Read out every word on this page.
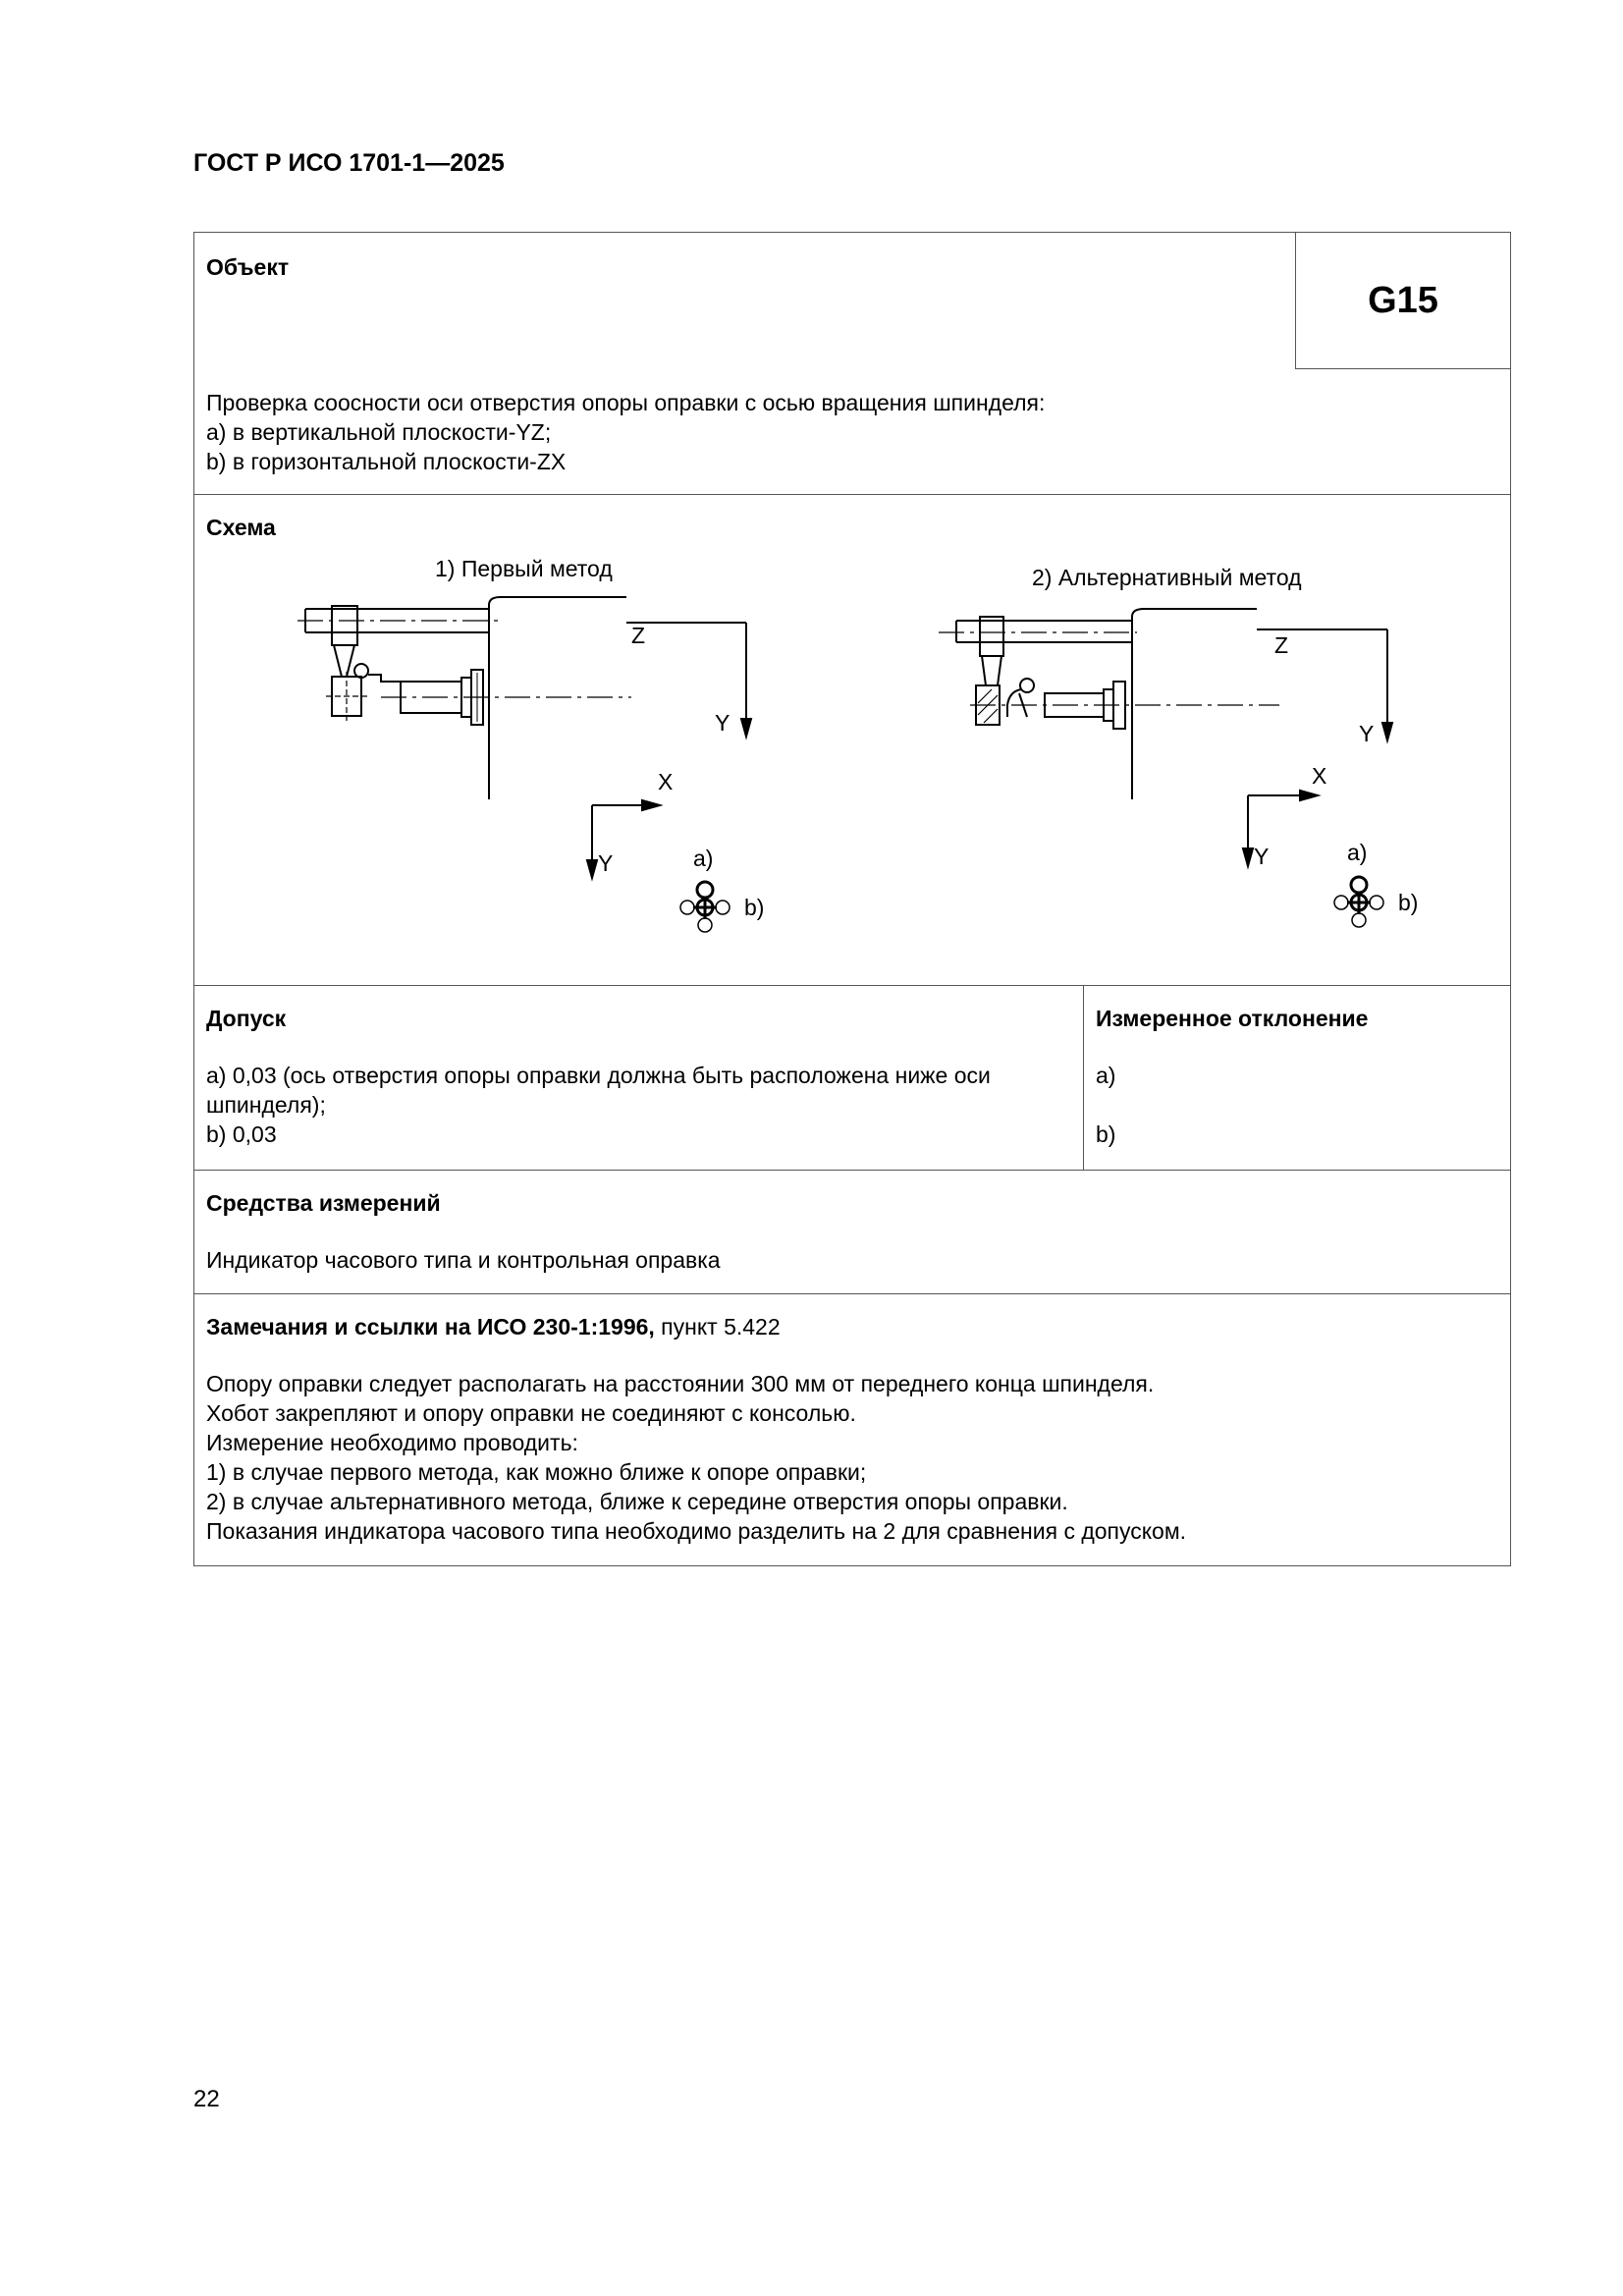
ГОСТ Р ИСО 1701-1—2025
Объект
G15
Проверка соосности оси отверстия опоры оправки с осью вращения шпинделя:
a) в вертикальной плоскости-YZ;
b) в горизонтальной плоскости-ZX
1) Первый метод
Z
Y
X
Y	a)
b)
2) Альтернативный метод
Z
Y
X
Y	a)
b)
Схема
Допуск
a) 0,03 (ось отверстия опоры оправки должна быть расположена ниже оси шпинделя);
b) 0,03
Измеренное отклонение
a)
b)
Средства измерений
Индикатор часового типа и контрольная оправка
Замечания и ссылки на ИСО 230-1:1996, пункт 5.422
Опору оправки следует располагать на расстоянии 300 мм от переднего конца шпинделя.
Хобот закрепляют и опору оправки не соединяют с консолью.
Измерение необходимо проводить:
1) в случае первого метода, как можно ближе к опоре оправки;
2) в случае альтернативного метода, ближе к середине отверстия опоры оправки.
Показания индикатора часового типа необходимо разделить на 2 для сравнения с допуском.
22
